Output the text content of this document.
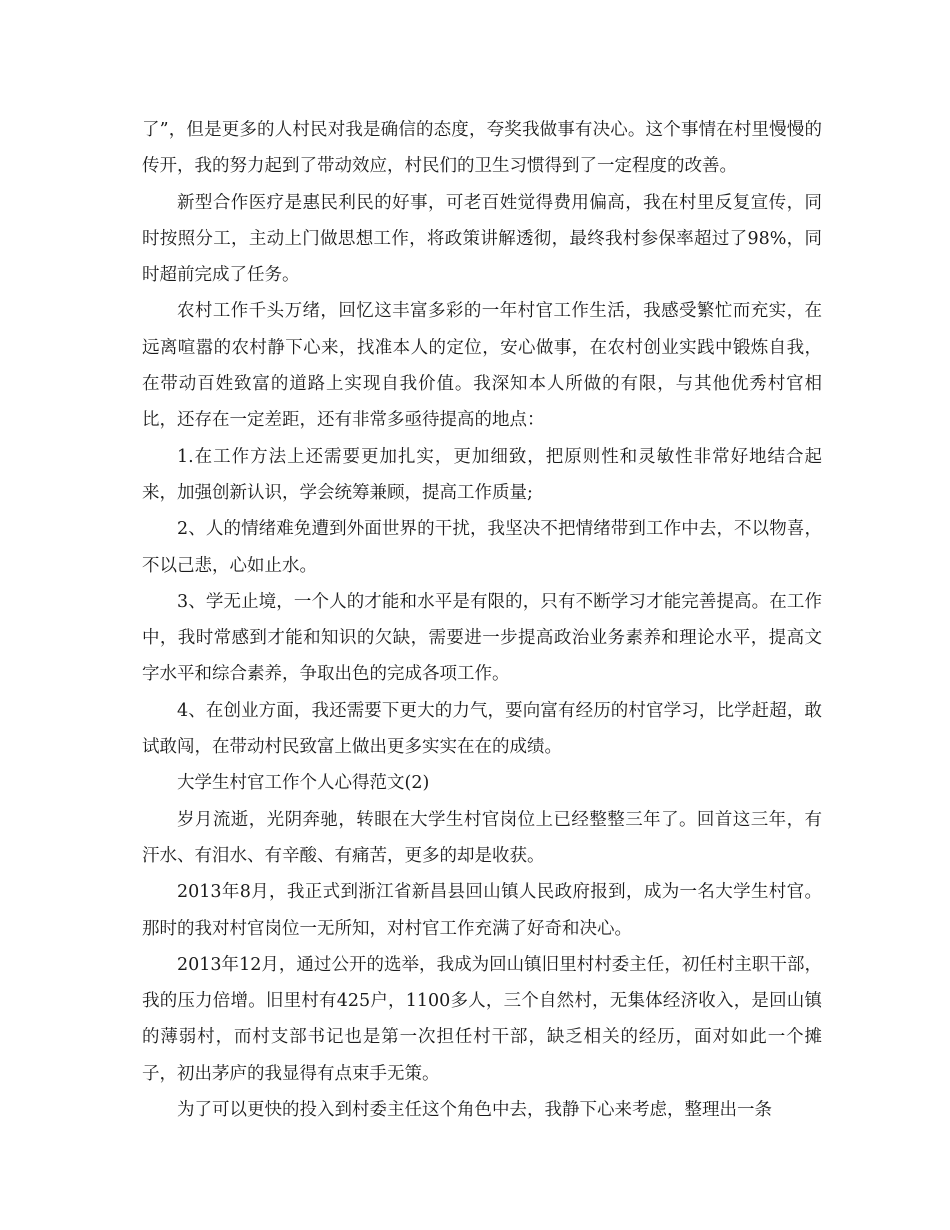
了”，但是更多的人村民对我是确信的态度，夸奖我做事有决心。这个事情在村里慢慢的传开，我的努力起到了带动效应，村民们的卫生习惯得到了一定程度的改善。

新型合作医疗是惠民利民的好事，可老百姓觉得费用偏高，我在村里反复宣传，同时按照分工，主动上门做思想工作，将政策讲解透彻，最终我村参保率超过了98%，同时超前完成了任务。

农村工作千头万绪，回忆这丰富多彩的一年村官工作生活，我感受繁忙而充实，在远离喧嚣的农村静下心来，找准本人的定位，安心做事，在农村创业实践中锻炼自我，在带动百姓致富的道路上实现自我价值。我深知本人所做的有限，与其他优秀村官相比，还存在一定差距，还有非常多亟待提高的地点：

1.在工作方法上还需要更加扎实，更加细致，把原则性和灵敏性非常好地结合起来，加强创新认识，学会统筹兼顾，提高工作质量;

2、人的情绪难免遭到外面世界的干扰，我坚决不把情绪带到工作中去，不以物喜，不以己悲，心如止水。

3、学无止境，一个人的才能和水平是有限的，只有不断学习才能完善提高。在工作中，我时常感到才能和知识的欠缺，需要进一步提高政治业务素养和理论水平，提高文字水平和综合素养，争取出色的完成各项工作。

4、在创业方面，我还需要下更大的力气，要向富有经历的村官学习，比学赶超，敢试敢闯，在带动村民致富上做出更多实实在在的成绩。

大学生村官工作个人心得范文(2)

岁月流逝，光阴奔驰，转眼在大学生村官岗位上已经整整三年了。回首这三年，有汗水、有泪水、有辛酸、有痛苦，更多的却是收获。

2013年8月，我正式到浙江省新昌县回山镇人民政府报到，成为一名大学生村官。那时的我对村官岗位一无所知，对村官工作充满了好奇和决心。

2013年12月，通过公开的选举，我成为回山镇旧里村村委主任，初任村主职干部，我的压力倍增。旧里村有425户，1100多人，三个自然村，无集体经济收入，是回山镇的薄弱村，而村支部书记也是第一次担任村干部，缺乏相关的经历，面对如此一个摊子，初出茅庐的我显得有点束手无策。

为了可以更快的投入到村委主任这个角色中去，我静下心来考虑，整理出一条
